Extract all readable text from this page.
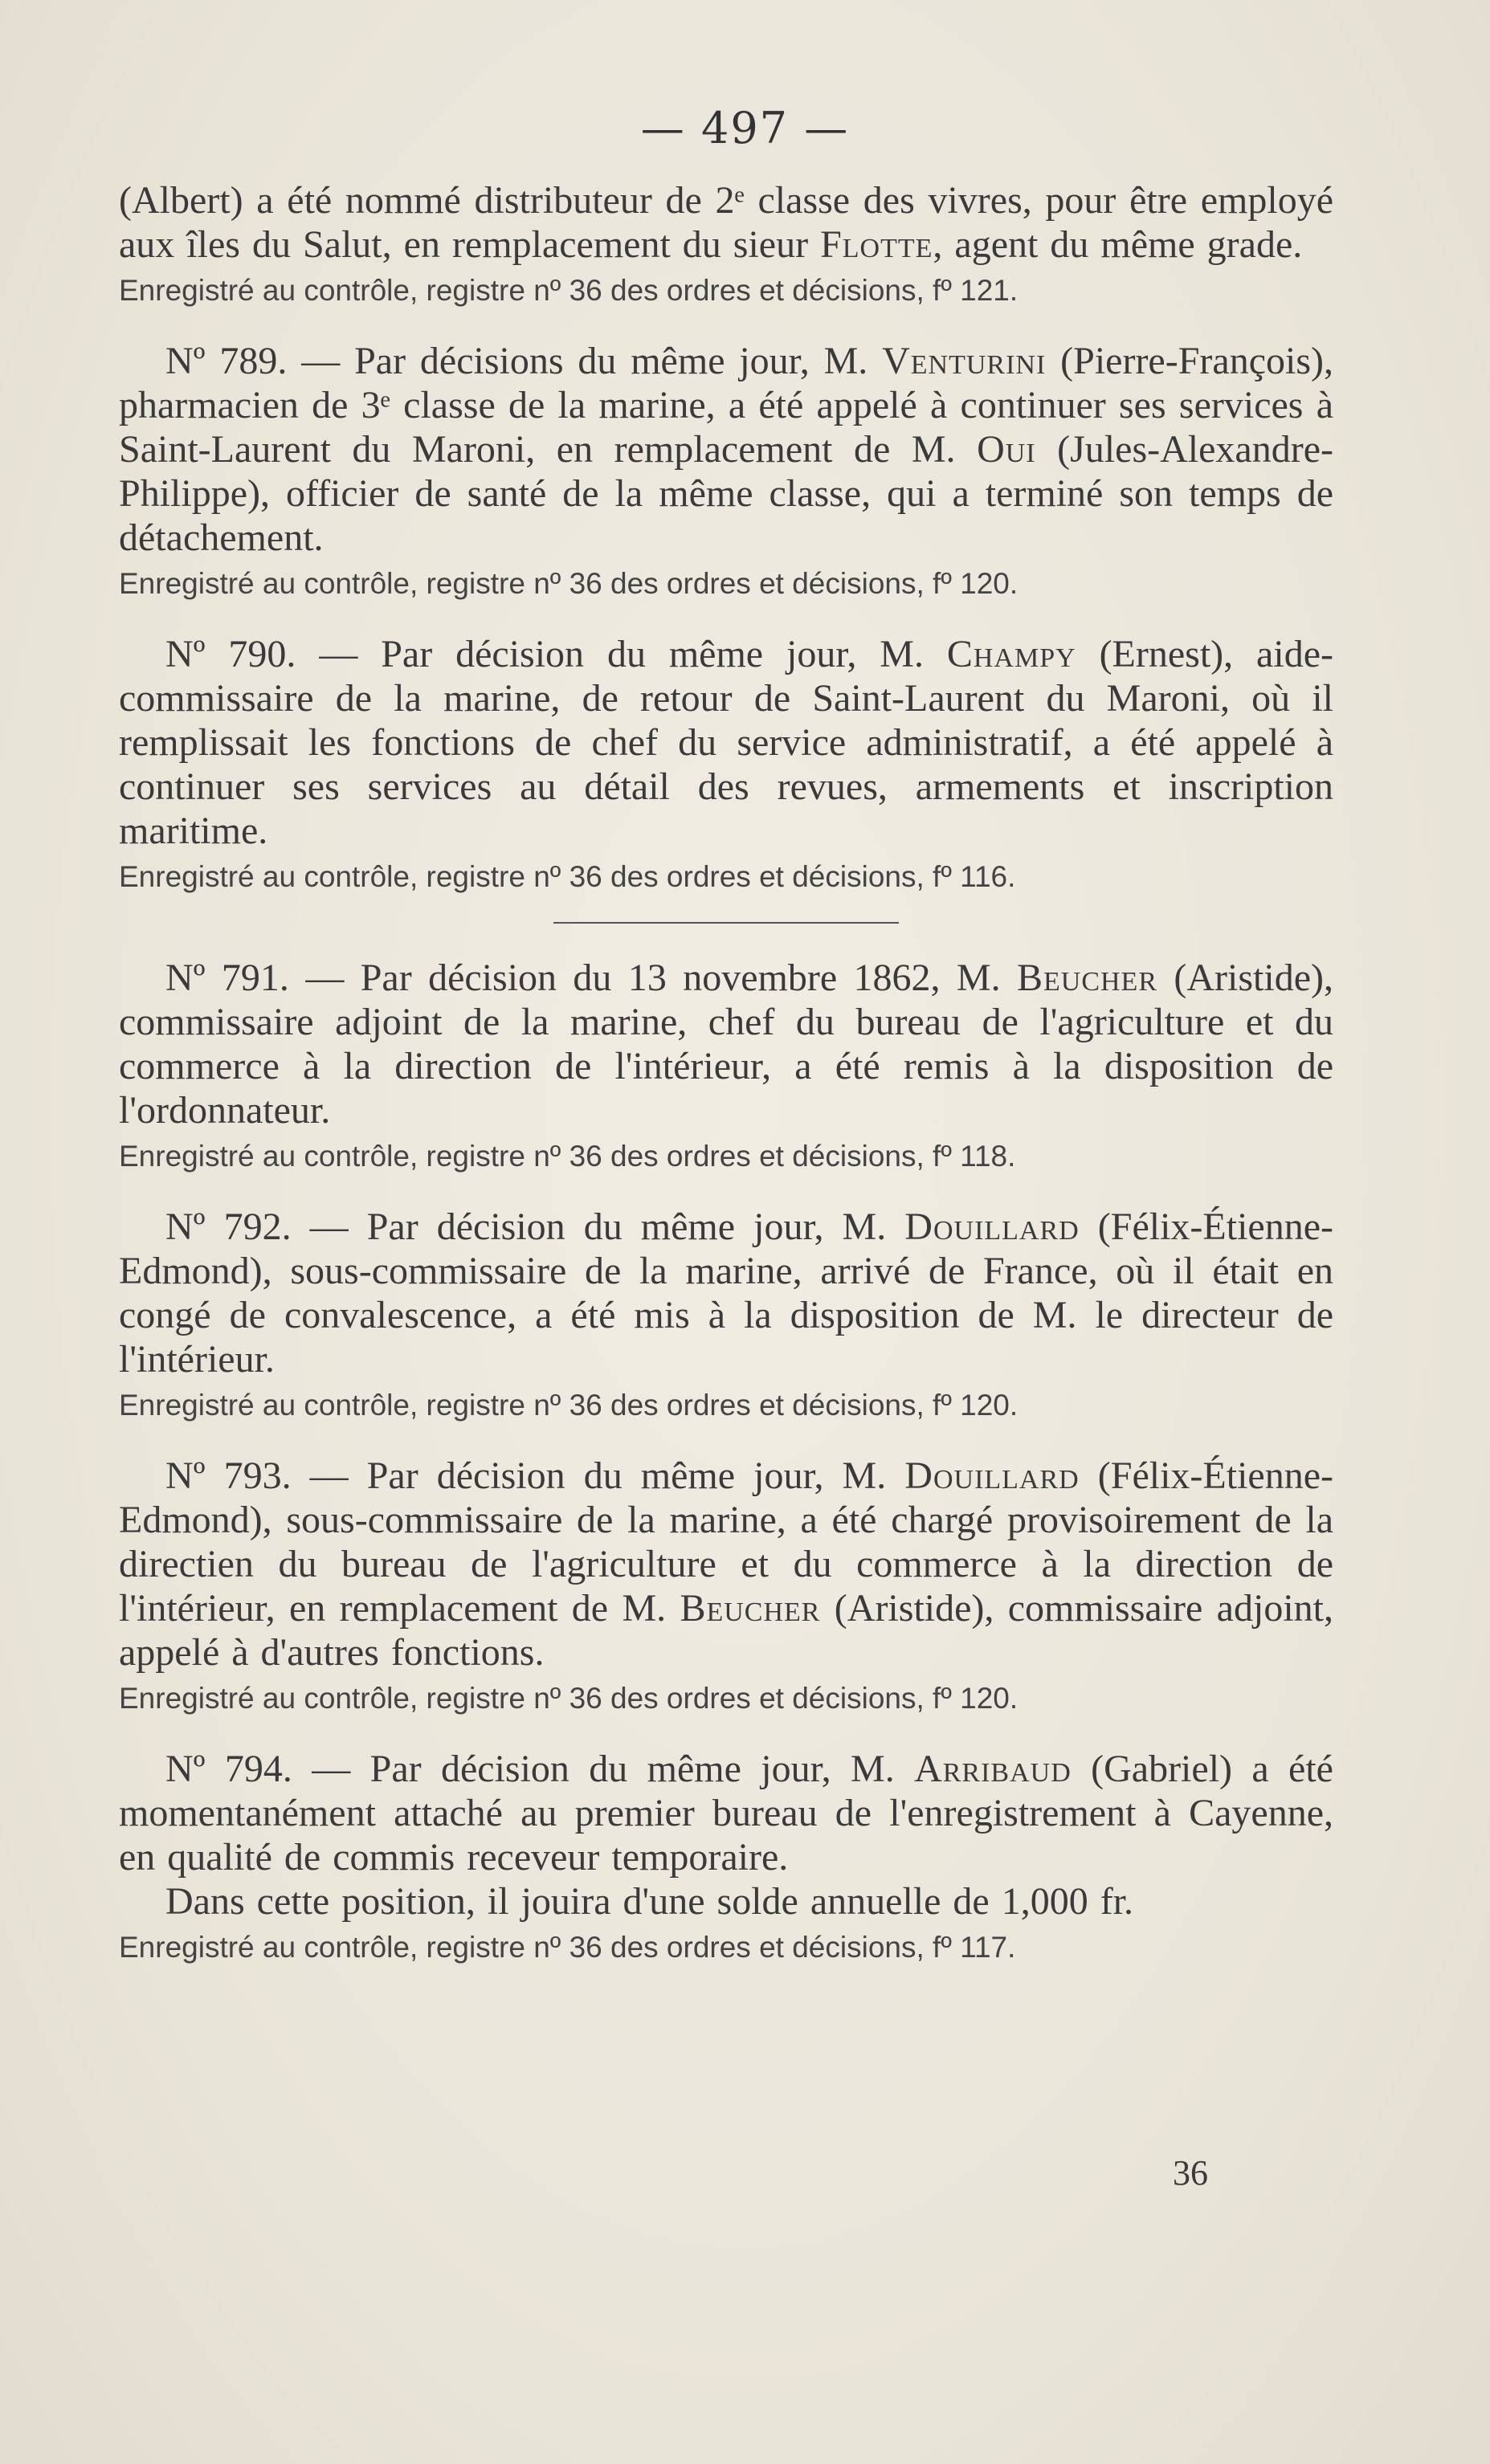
— 497 —

(Albert) a été nommé distributeur de 2ᵉ classe des vivres, pour être employé aux îles du Salut, en remplacement du sieur Flotte, agent du même grade.

Enregistré au contrôle, registre nº 36 des ordres et décisions, fº 121.

Nº 789. — Par décisions du même jour, M. Venturini (Pierre-François), pharmacien de 3ᵉ classe de la marine, a été appelé à continuer ses services à Saint-Laurent du Maroni, en remplacement de M. Oui (Jules-Alexandre-Philippe), officier de santé de la même classe, qui a terminé son temps de détachement.

Enregistré au contrôle, registre nº 36 des ordres et décisions, fº 120.

Nº 790. — Par décision du même jour, M. Champy (Ernest), aide-commissaire de la marine, de retour de Saint-Laurent du Maroni, où il remplissait les fonctions de chef du service administratif, a été appelé à continuer ses services au détail des revues, armements et inscription maritime.

Enregistré au contrôle, registre nº 36 des ordres et décisions, fº 116.

Nº 791. — Par décision du 13 novembre 1862, M. Beucher (Aristide), commissaire adjoint de la marine, chef du bureau de l'agriculture et du commerce à la direction de l'intérieur, a été remis à la disposition de l'ordonnateur.

Enregistré au contrôle, registre nº 36 des ordres et décisions, fº 118.

Nº 792. — Par décision du même jour, M. Douillard (Félix-Étienne-Edmond), sous-commissaire de la marine, arrivé de France, où il était en congé de convalescence, a été mis à la disposition de M. le directeur de l'intérieur.

Enregistré au contrôle, registre nº 36 des ordres et décisions, fº 120.

Nº 793. — Par décision du même jour, M. Douillard (Félix-Étienne-Edmond), sous-commissaire de la marine, a été chargé provisoirement de la directien du bureau de l'agriculture et du commerce à la direction de l'intérieur, en remplacement de M. Beucher (Aristide), commissaire adjoint, appelé à d'autres fonctions.

Enregistré au contrôle, registre nº 36 des ordres et décisions, fº 120.

Nº 794. — Par décision du même jour, M. Arribaud (Gabriel) a été momentanément attaché au premier bureau de l'enregistrement à Cayenne, en qualité de commis receveur temporaire.

Dans cette position, il jouira d'une solde annuelle de 1,000 fr.

Enregistré au contrôle, registre nº 36 des ordres et décisions, fº 117.
36
